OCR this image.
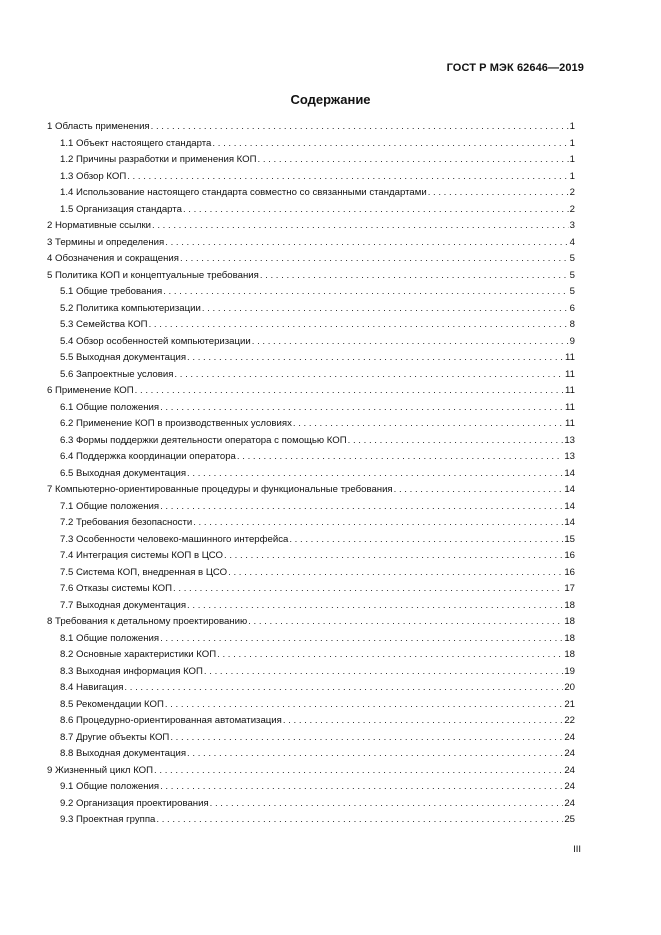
ГОСТ Р МЭК 62646—2019
Содержание
1 Область применения . . .	1
1.1 Объект настоящего стандарта . . .	1
1.2 Причины разработки и применения КОП . . .	1
1.3 Обзор КОП . . .	1
1.4 Использование настоящего стандарта совместно со связанными стандартами . . .	2
1.5 Организация стандарта . . .	2
2 Нормативные ссылки . . .	3
3 Термины и определения . . .	4
4 Обозначения и сокращения . . .	5
5 Политика КОП и концептуальные требования . . .	5
5.1 Общие требования . . .	5
5.2 Политика компьютеризации . . .	6
5.3 Семейства КОП . . .	8
5.4 Обзор особенностей компьютеризации . . .	9
5.5 Выходная документация . . .	11
5.6 Запроектные условия . . .	11
6 Применение КОП . . .	11
6.1 Общие положения . . .	11
6.2 Применение КОП в производственных условиях . . .	11
6.3 Формы поддержки деятельности оператора с помощью КОП . . .	13
6.4 Поддержка координации оператора . . .	13
6.5 Выходная документация . . .	14
7 Компьютерно-ориентированные процедуры и функциональные требования . . .	14
7.1 Общие положения . . .	14
7.2 Требования безопасности . . .	14
7.3 Особенности человеко-машинного интерфейса . . .	15
7.4 Интеграция системы КОП в ЦСО . . .	16
7.5 Система КОП, внедренная в ЦСО . . .	16
7.6 Отказы системы КОП . . .	17
7.7 Выходная документация . . .	18
8 Требования к детальному проектированию . . .	18
8.1 Общие положения . . .	18
8.2 Основные характеристики КОП . . .	18
8.3 Выходная информация КОП . . .	19
8.4 Навигация . . .	20
8.5 Рекомендации КОП . . .	21
8.6 Процедурно-ориентированная автоматизация . . .	22
8.7 Другие объекты КОП . . .	24
8.8 Выходная документация . . .	24
9 Жизненный цикл КОП . . .	24
9.1 Общие положения . . .	24
9.2 Организация проектирования . . .	24
9.3 Проектная группа . . .	25
III
